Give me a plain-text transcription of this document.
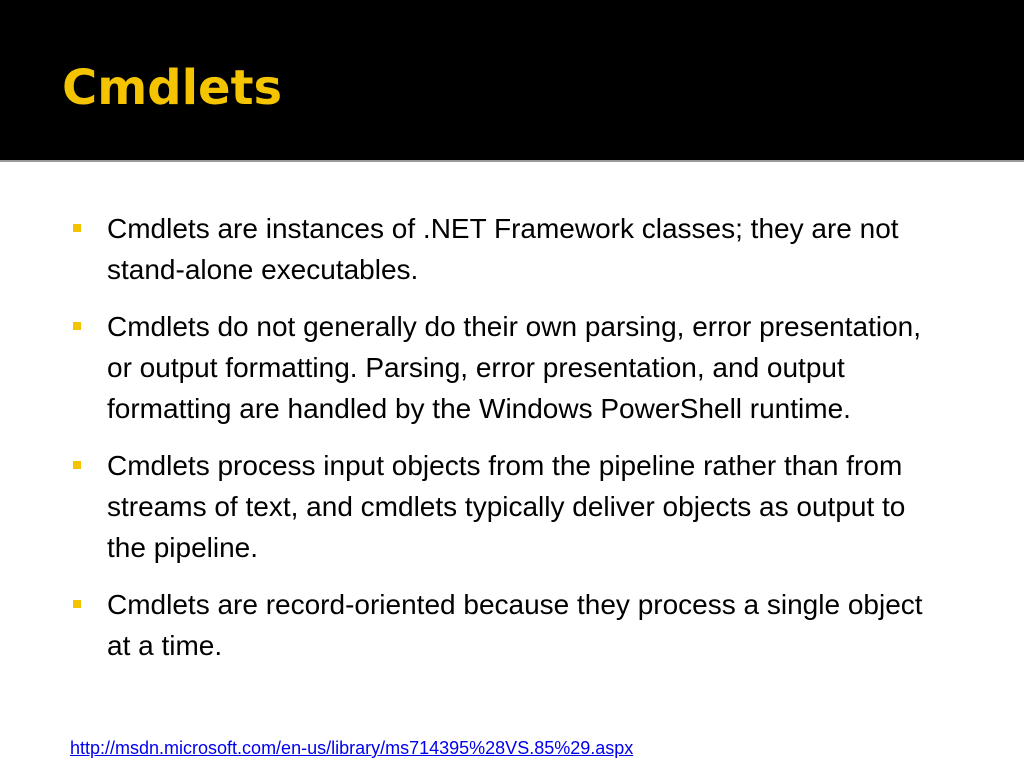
Cmdlets
Cmdlets are instances of .NET Framework classes; they are not stand-alone executables.
Cmdlets do not generally do their own parsing, error presentation, or output formatting. Parsing, error presentation, and output formatting are handled by the Windows PowerShell runtime.
Cmdlets process input objects from the pipeline rather than from streams of text, and cmdlets typically deliver objects as output to the pipeline.
Cmdlets are record-oriented because they process a single object at a time.
http://msdn.microsoft.com/en-us/library/ms714395%28VS.85%29.aspx
